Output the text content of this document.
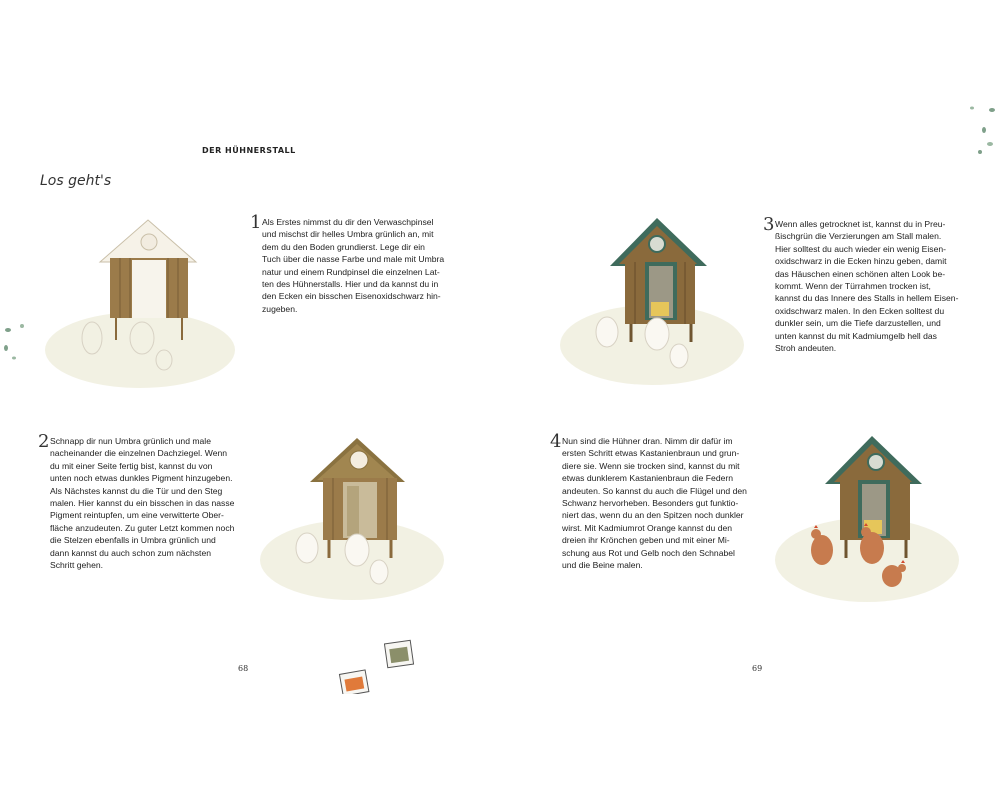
DER HÜHNERSTALL
Los geht's
1 Als Erstes nimmst du dir den Verwaschpinsel
und mischst dir helles Umbra grünlich an, mit
dem du den Boden grundierst. Lege dir ein
Tuch über die nasse Farbe und male mit Umbra
natur und einem Rundpinsel die einzelnen Lat-
ten des Hühnerstalls. Hier und da kannst du in
den Ecken ein bisschen Eisenoxidschwarz hin-
zugeben.
2 Schnapp dir nun Umbra grünlich und male
nacheinander die einzelnen Dachziegel. Wenn
du mit einer Seite fertig bist, kannst du von
unten noch etwas dunkles Pigment hinzugeben.
Als Nächstes kannst du die Tür und den Steg
malen. Hier kannst du ein bisschen in das nasse
Pigment reintupfen, um eine verwitterte Ober-
fläche anzudeuten. Zu guter Letzt kommen noch
die Stelzen ebenfalls in Umbra grünlich und
dann kannst du auch schon zum nächsten
Schritt gehen.
3 Wenn alles getrocknet ist, kannst du in Preu-
ßischgrün die Verzierungen am Stall malen.
Hier solltest du auch wieder ein wenig Eisen-
oxidschwarz in die Ecken hinzu geben, damit
das Häuschen einen schönen alten Look be-
kommt. Wenn der Türrahmen trocken ist,
kannst du das Innere des Stalls in hellem Eisen-
oxidschwarz malen. In den Ecken solltest du
dunkler sein, um die Tiefe darzustellen, und
unten kannst du mit Kadmiumgelb hell das
Stroh andeuten.
4 Nun sind die Hühner dran. Nimm dir dafür im
ersten Schritt etwas Kastanienbraun und grun-
diere sie. Wenn sie trocken sind, kannst du mit
etwas dunklerem Kastanienbraun die Federn
andeuten. So kannst du auch die Flügel und den
Schwanz hervorheben. Besonders gut funktio-
niert das, wenn du an den Spitzen noch dunkler
wirst. Mit Kadmiumrot Orange kannst du den
dreien ihr Krönchen geben und mit einer Mi-
schung aus Rot und Gelb noch den Schnabel
und die Beine malen.
68	69
